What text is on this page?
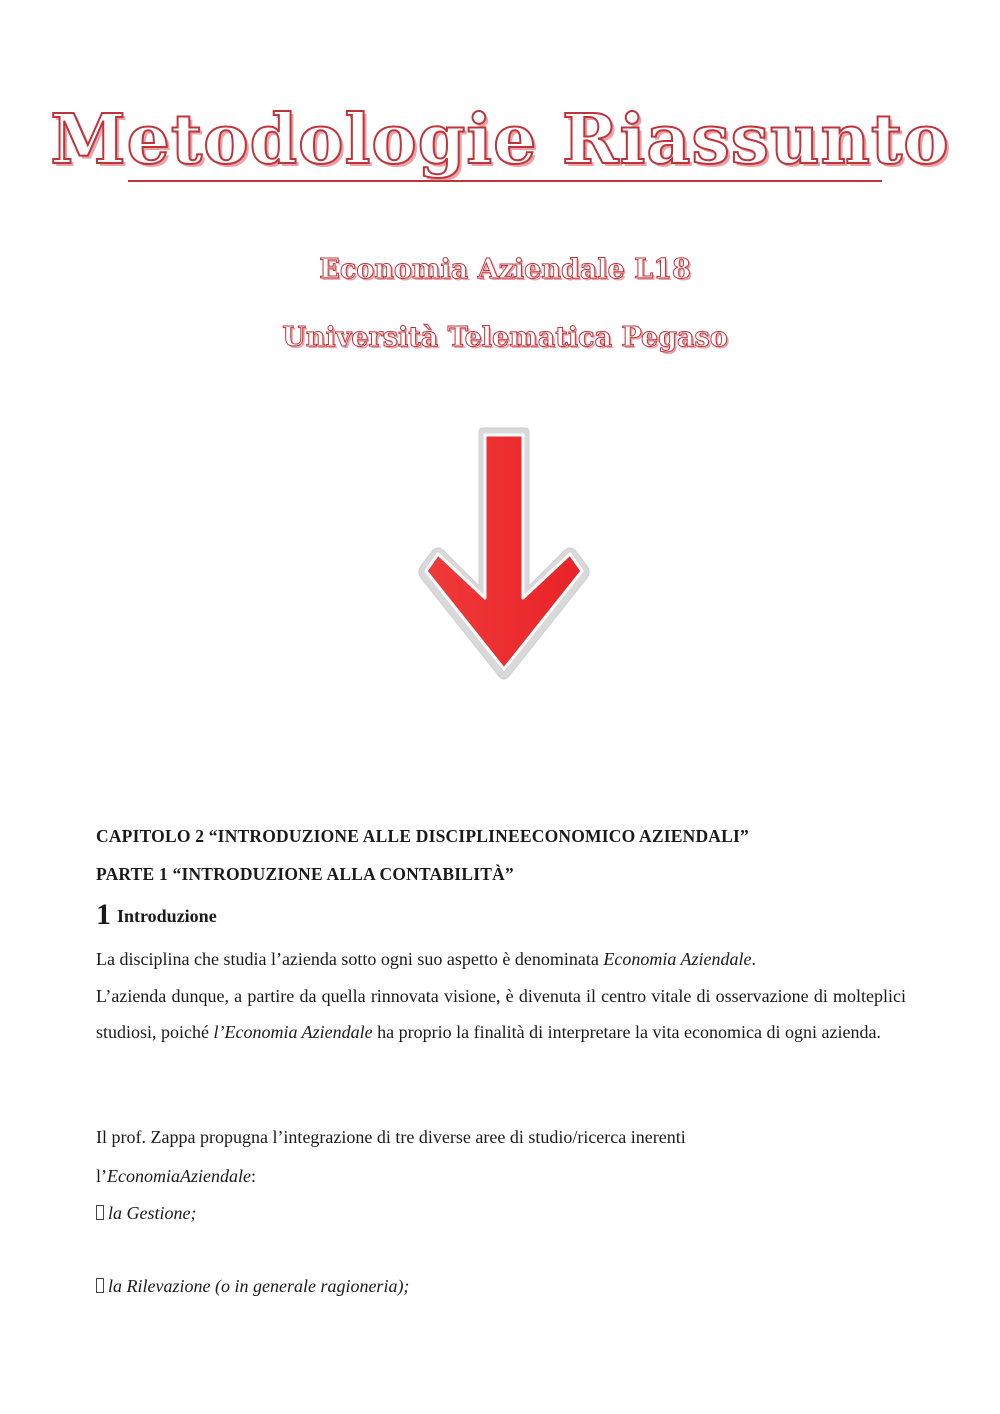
Metodologie Riassunto
Economia Aziendale L18
Università Telematica Pegaso
CAPITOLO 2 “INTRODUZIONE ALLE DISCIPLINEECONOMICO AZIENDALI”
PARTE 1 “INTRODUZIONE ALLA CONTABILITÀ”
1 Introduzione
La disciplina che studia l’azienda sotto ogni suo aspetto è denominata Economia Aziendale.
L’azienda dunque, a partire da quella rinnovata visione, è divenuta il centro vitale di osservazione di molteplici studiosi, poiché l’Economia Aziendale ha proprio la finalità di interpretare la vita economica di ogni azienda.
Il prof. Zappa propugna l’integrazione di tre diverse aree di studio/ricerca inerenti
l’EconomiaAziendale:
la Gestione;
la Rilevazione (o in generale ragioneria);
